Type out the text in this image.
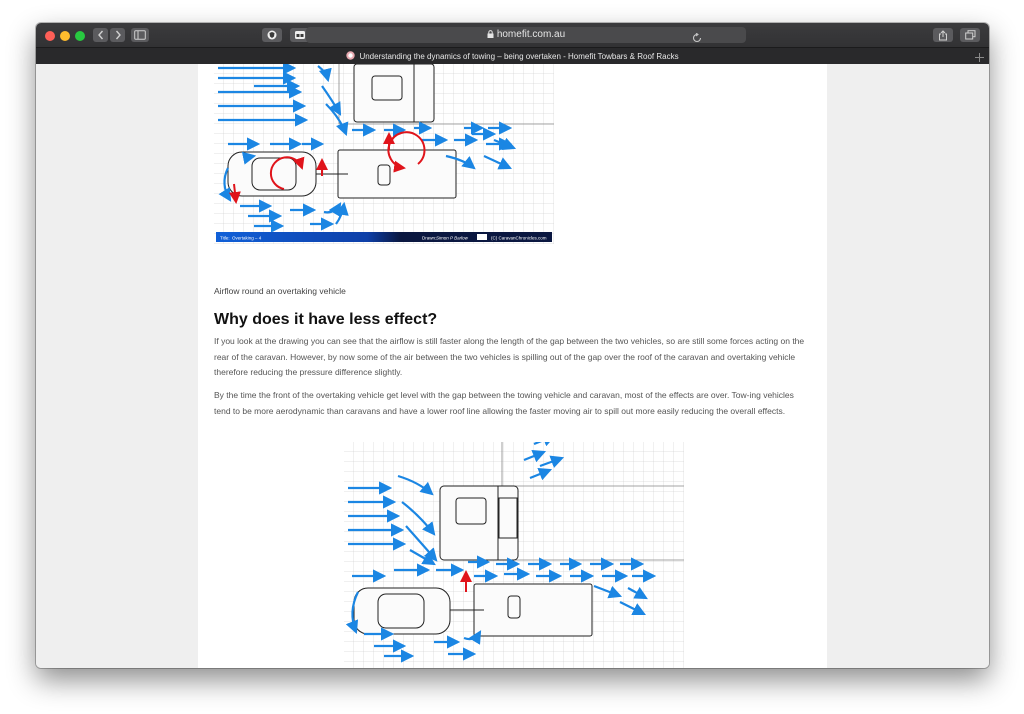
homefit.com.au
Understanding the dynamics of towing – being overtaken - Homefit Towbars & Roof Racks
Title: Overtaking – 4	Drawn: Simon P Barlow	(C) CaravanChronicles.com
Airflow round an overtaking vehicle
Why does it have less effect?

If you look at the drawing you can see that the airflow is still faster along the length of the gap between the two vehicles, so are still some forces acting on the rear of the caravan. However, by now some of the air between the two vehicles is spilling out of the gap over the roof of the caravan and overtaking vehicle therefore reducing the pressure difference slightly.

By the time the front of the overtaking vehicle get level with the gap between the towing vehicle and caravan, most of the effects are over. Tow-ing vehicles tend to be more aerodynamic than caravans and have a lower roof line allowing the faster moving air to spill out more easily reducing the overall effects.

Title: Overtaking – 5	Drawn: Simon P Barlow	(C) CaravanChronicles.com
